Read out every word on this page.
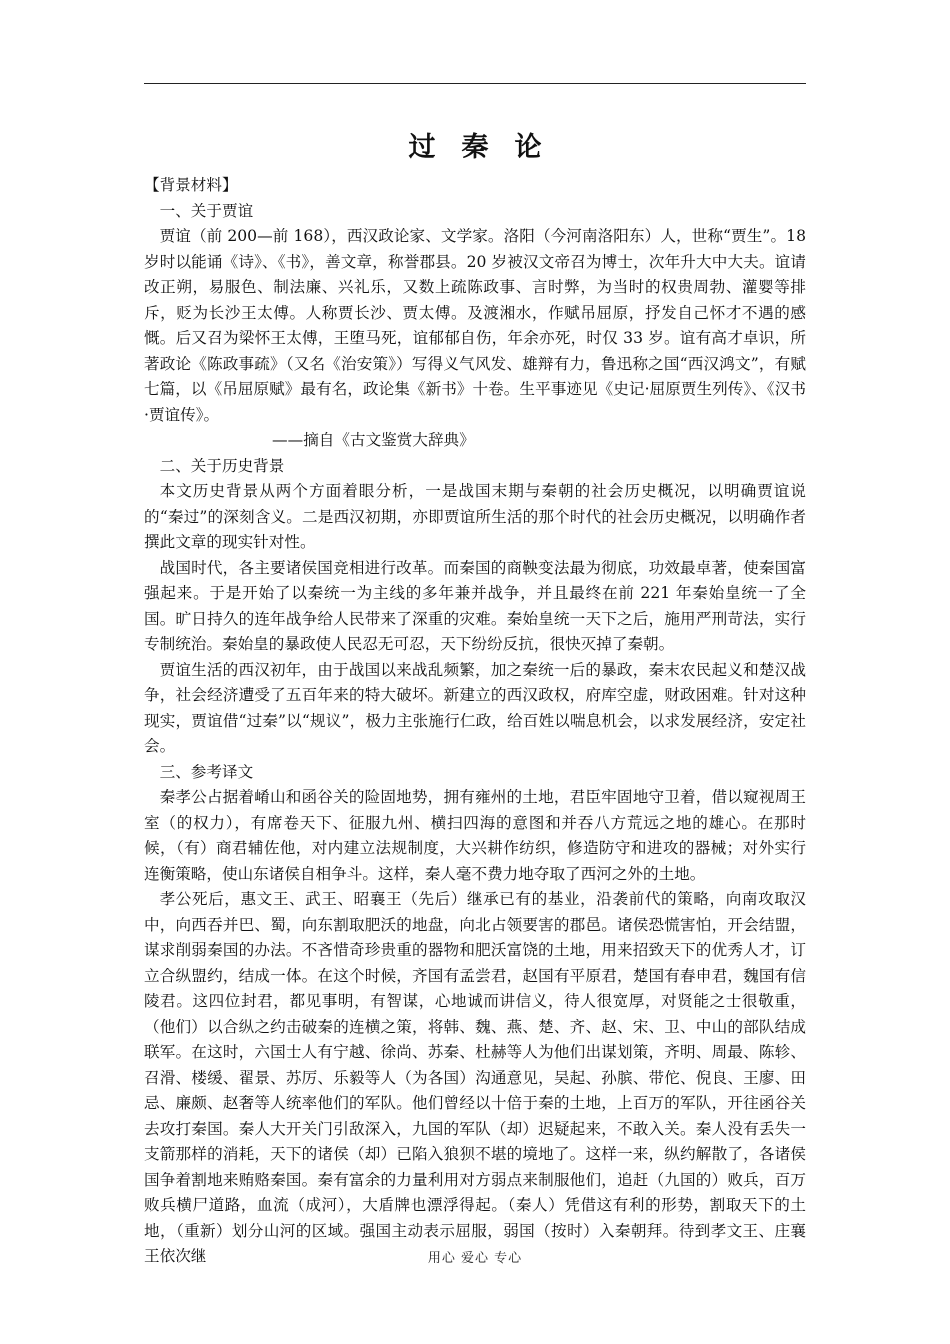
过秦论

【背景材料】

一、关于贾谊

贾谊（前 200—前 168），西汉政论家、文学家。洛阳（今河南洛阳东）人，世称“贾生”。18 岁时以能诵《诗》、《书》，善文章，称誉郡县。20 岁被汉文帝召为博士，次年升大中大夫。谊请改正朔，易服色、制法廉、兴礼乐，又数上疏陈政事、言时弊，为当时的权贵周勃、灌婴等排斥，贬为长沙王太傅。人称贾长沙、贾太傅。及渡湘水，作赋吊屈原，抒发自己怀才不遇的感慨。后又召为梁怀王太傅，王堕马死，谊郁郁自伤，年余亦死，时仅 33 岁。谊有高才卓识，所著政论《陈政事疏》（又名《治安策》）写得义气风发、雄辩有力，鲁迅称之国“西汉鸿文”，有赋七篇，以《吊屈原赋》最有名，政论集《新书》十卷。生平事迹见《史记·屈原贾生列传》、《汉书·贾谊传》。

——摘自《古文鉴赏大辞典》

二、关于历史背景

本文历史背景从两个方面着眼分析，一是战国末期与秦朝的社会历史概况，以明确贾谊说的“秦过”的深刻含义。二是西汉初期，亦即贾谊所生活的那个时代的社会历史概况，以明确作者撰此文章的现实针对性。

战国时代，各主要诸侯国竞相进行改革。而秦国的商鞅变法最为彻底，功效最卓著，使秦国富强起来。于是开始了以秦统一为主线的多年兼并战争，并且最终在前 221 年秦始皇统一了全国。旷日持久的连年战争给人民带来了深重的灾难。秦始皇统一天下之后，施用严刑苛法，实行专制统治。秦始皇的暴政使人民忍无可忍，天下纷纷反抗，很快灭掉了秦朝。

贾谊生活的西汉初年，由于战国以来战乱频繁，加之秦统一后的暴政，秦末农民起义和楚汉战争，社会经济遭受了五百年来的特大破坏。新建立的西汉政权，府库空虚，财政困难。针对这种现实，贾谊借“过秦”以“规议”，极力主张施行仁政，给百姓以喘息机会，以求发展经济，安定社会。

三、参考译文

秦孝公占据着崤山和函谷关的险固地势，拥有雍州的土地，君臣牢固地守卫着，借以窥视周王室（的权力），有席卷天下、征服九州、横扫四海的意图和并吞八方荒远之地的雄心。在那时候，（有）商君辅佐他，对内建立法规制度，大兴耕作纺织，修造防守和进攻的器械；对外实行连衡策略，使山东诸侯自相争斗。这样，秦人毫不费力地夺取了西河之外的土地。

孝公死后，惠文王、武王、昭襄王（先后）继承已有的基业，沿袭前代的策略，向南攻取汉中，向西吞并巴、蜀，向东割取肥沃的地盘，向北占领要害的郡邑。诸侯恐慌害怕，开会结盟，谋求削弱秦国的办法。不吝惜奇珍贵重的器物和肥沃富饶的土地，用来招致天下的优秀人才，订立合纵盟约，结成一体。在这个时候，齐国有孟尝君，赵国有平原君，楚国有春申君，魏国有信陵君。这四位封君，都见事明，有智谋，心地诚而讲信义，待人很宽厚，对贤能之士很敬重，（他们）以合纵之约击破秦的连横之策，将韩、魏、燕、楚、齐、赵、宋、卫、中山的部队结成联军。在这时，六国士人有宁越、徐尚、苏秦、杜赫等人为他们出谋划策，齐明、周最、陈轸、召滑、楼缓、翟景、苏厉、乐毅等人（为各国）沟通意见，吴起、孙膑、带佗、倪良、王廖、田忌、廉颇、赵奢等人统率他们的军队。他们曾经以十倍于秦的土地，上百万的军队，开往函谷关去攻打秦国。秦人大开关门引敌深入，九国的军队（却）迟疑起来，不敢入关。秦人没有丢失一支箭那样的消耗，天下的诸侯（却）已陷入狼狈不堪的境地了。这样一来，纵约解散了，各诸侯国争着割地来贿赂秦国。秦有富余的力量利用对方弱点来制服他们，追赶（九国的）败兵，百万败兵横尸道路，血流（成河），大盾牌也漂浮得起。（秦人）凭借这有利的形势，割取天下的土地，（重新）划分山河的区域。强国主动表示屈服，弱国（按时）入秦朝拜。待到孝文王、庄襄王依次继	用心 爱心 专心
